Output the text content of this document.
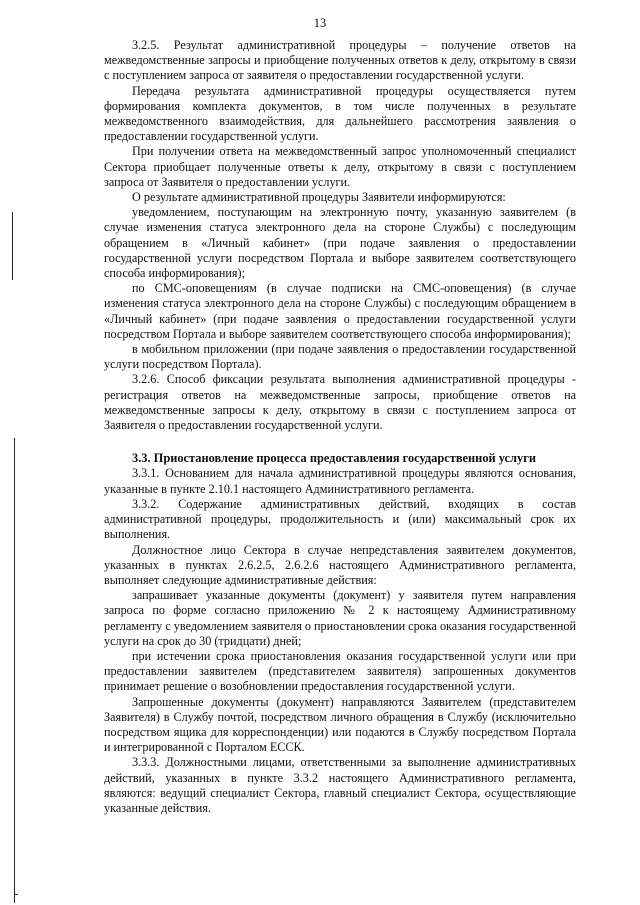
13

3.2.5. Результат административной процедуры – получение ответов на межведомственные запросы и приобщение полученных ответов к делу, открытому в связи с поступлением запроса от заявителя о предоставлении государственной услуги.

Передача результата административной процедуры осуществляется путем формирования комплекта документов, в том числе полученных в результате межведомственного взаимодействия, для дальнейшего рассмотрения заявления о предоставлении государственной услуги.

При получении ответа на межведомственный запрос уполномоченный специалист Сектора приобщает полученные ответы к делу, открытому в связи с поступлением запроса от Заявителя о предоставлении услуги.

О результате административной процедуры Заявители информируются:

уведомлением, поступающим на электронную почту, указанную заявителем (в случае изменения статуса электронного дела на стороне Службы) с последующим обращением в «Личный кабинет» (при подаче заявления о предоставлении государственной услуги посредством Портала и выборе заявителем соответствующего способа информирования);

по СМС-оповещениям (в случае подписки на СМС-оповещения) (в случае изменения статуса электронного дела на стороне Службы) с последующим обращением в «Личный кабинет» (при подаче заявления о предоставлении государственной услуги посредством Портала и выборе заявителем соответствующего способа информирования);

в мобильном приложении (при подаче заявления о предоставлении государственной услуги посредством Портала).

3.2.6. Способ фиксации результата выполнения административной процедуры - регистрация ответов на межведомственные запросы, приобщение ответов на межведомственные запросы к делу, открытому в связи с поступлением запроса от Заявителя о предоставлении государственной услуги.

3.3. Приостановление процесса предоставления государственной услуги

3.3.1. Основанием для начала административной процедуры являются основания, указанные в пункте 2.10.1 настоящего Административного регламента.

3.3.2. Содержание административных действий, входящих в состав административной процедуры, продолжительность и (или) максимальный срок их выполнения.

Должностное лицо Сектора в случае непредставления заявителем документов, указанных в пунктах 2.6.2.5, 2.6.2.6 настоящего Административного регламента, выполняет следующие административные действия:

запрашивает указанные документы (документ) у заявителя путем направления запроса по форме согласно приложению № 2 к настоящему Административному регламенту с уведомлением заявителя о приостановлении срока оказания государственной услуги на срок до 30 (тридцати) дней;

при истечении срока приостановления оказания государственной услуги или при предоставлении заявителем (представителем заявителя) запрошенных документов принимает решение о возобновлении предоставления государственной услуги.

Запрошенные документы (документ) направляются Заявителем (представителем Заявителя) в Службу почтой, посредством личного обращения в Службу (исключительно посредством ящика для корреспонденции) или подаются в Службу посредством Портала и интегрированной с Порталом ЕССК.

3.3.3. Должностными лицами, ответственными за выполнение административных действий, указанных в пункте 3.3.2 настоящего Административного регламента, являются: ведущий специалист Сектора, главный специалист Сектора, осуществляющие указанные действия.
